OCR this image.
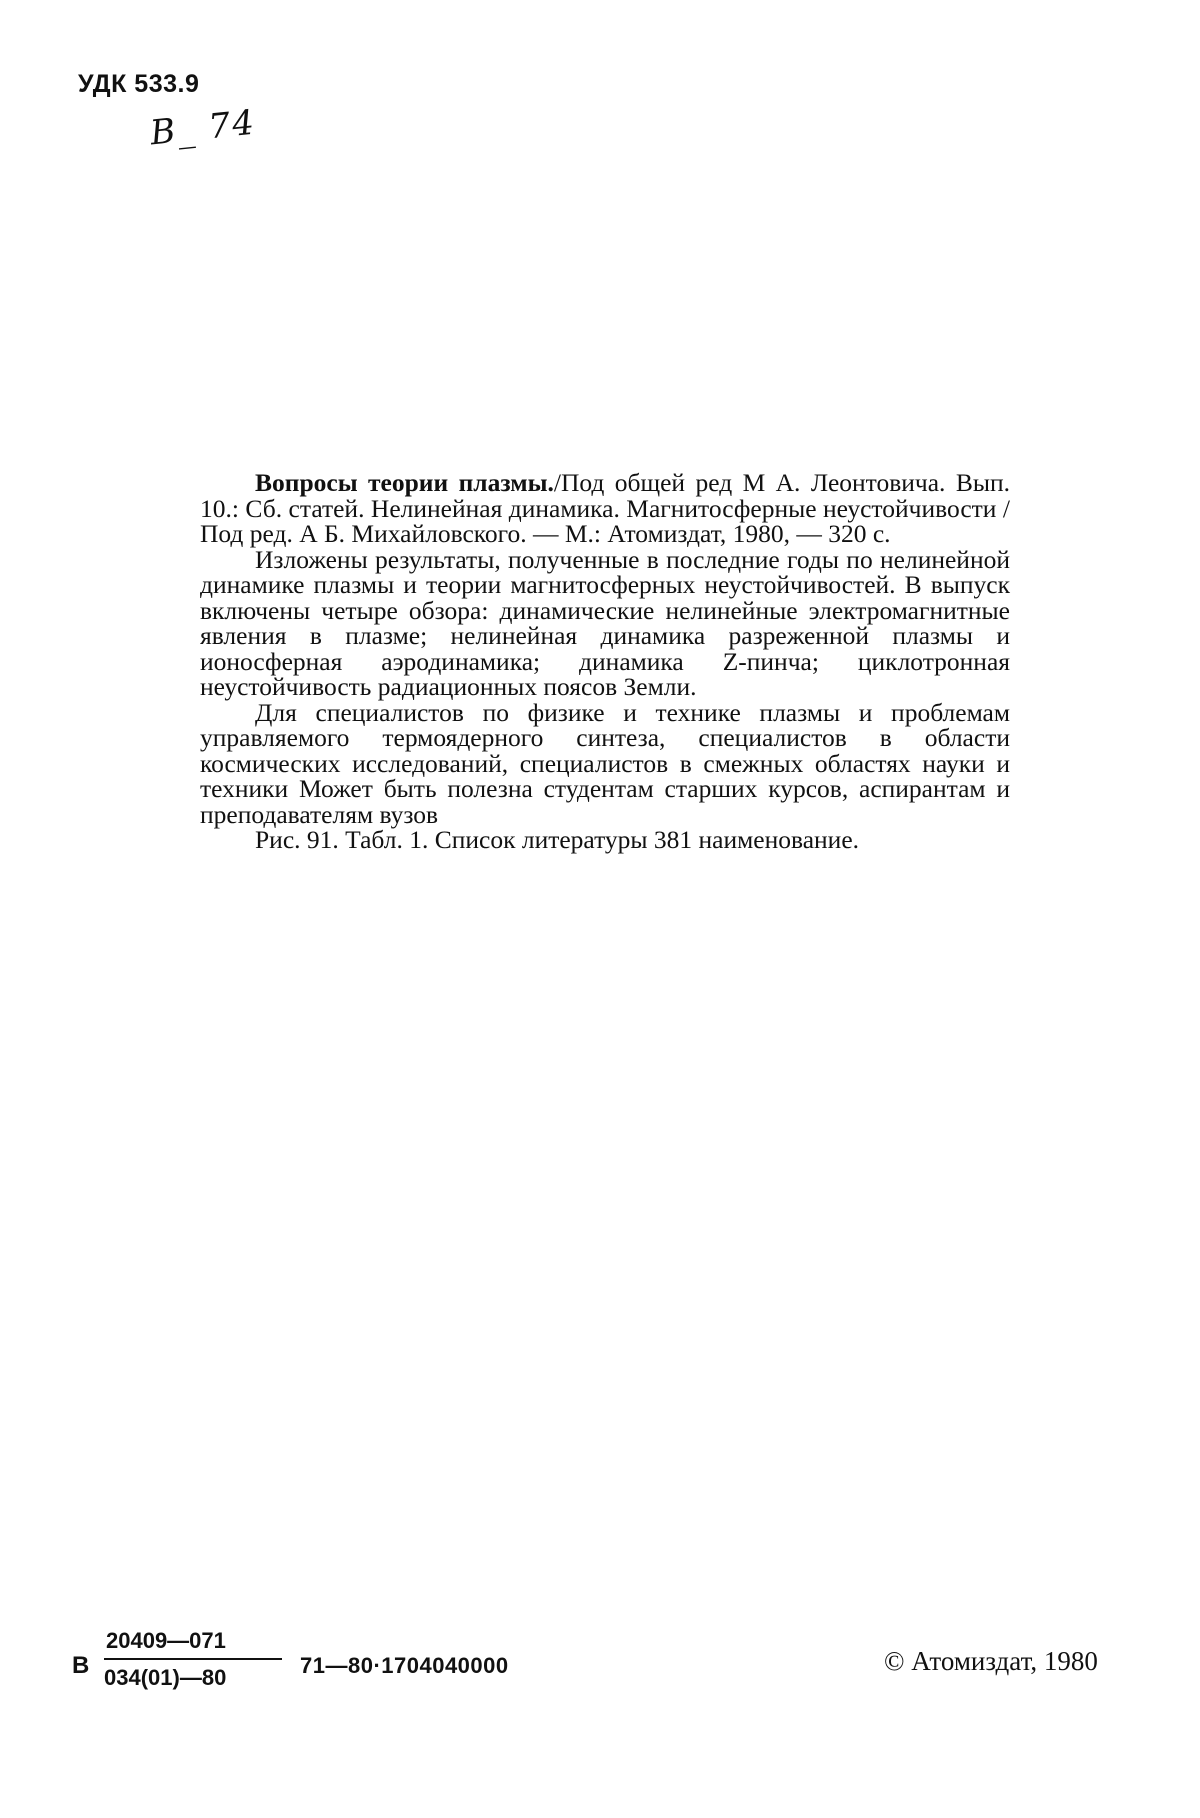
УДК 533.9
В_ 74

Вопросы теории плазмы./Под общей ред М А. Леонтовича. Вып. 10.: Сб. статей. Нелинейная динамика. Магнитосферные неустойчивости / Под ред. А Б. Михайловского. — М.: Атомиздат, 1980, — 320 с.

Изложены результаты, полученные в последние годы по нелинейной динамике плазмы и теории магнитосферных неустойчивостей. В выпуск включены четыре обзора: динамические нелинейные электромагнитные явления в плазме; нелинейная динамика разреженной плазмы и ионосферная аэродинамика; динамика Z-пинча; циклотронная неустойчивость радиационных поясов Земли.

Для специалистов по физике и технике плазмы и проблемам управляемого термоядерного синтеза, специалистов в области космических исследований, специалистов в смежных областях науки и техники Может быть полезна студентам старших курсов, аспирантам и преподавателям вузов

Рис. 91. Табл. 1. Список литературы 381 наименование.

В
20409—071
034(01)—80	71—80·1704040000	© Атомиздат, 1980
